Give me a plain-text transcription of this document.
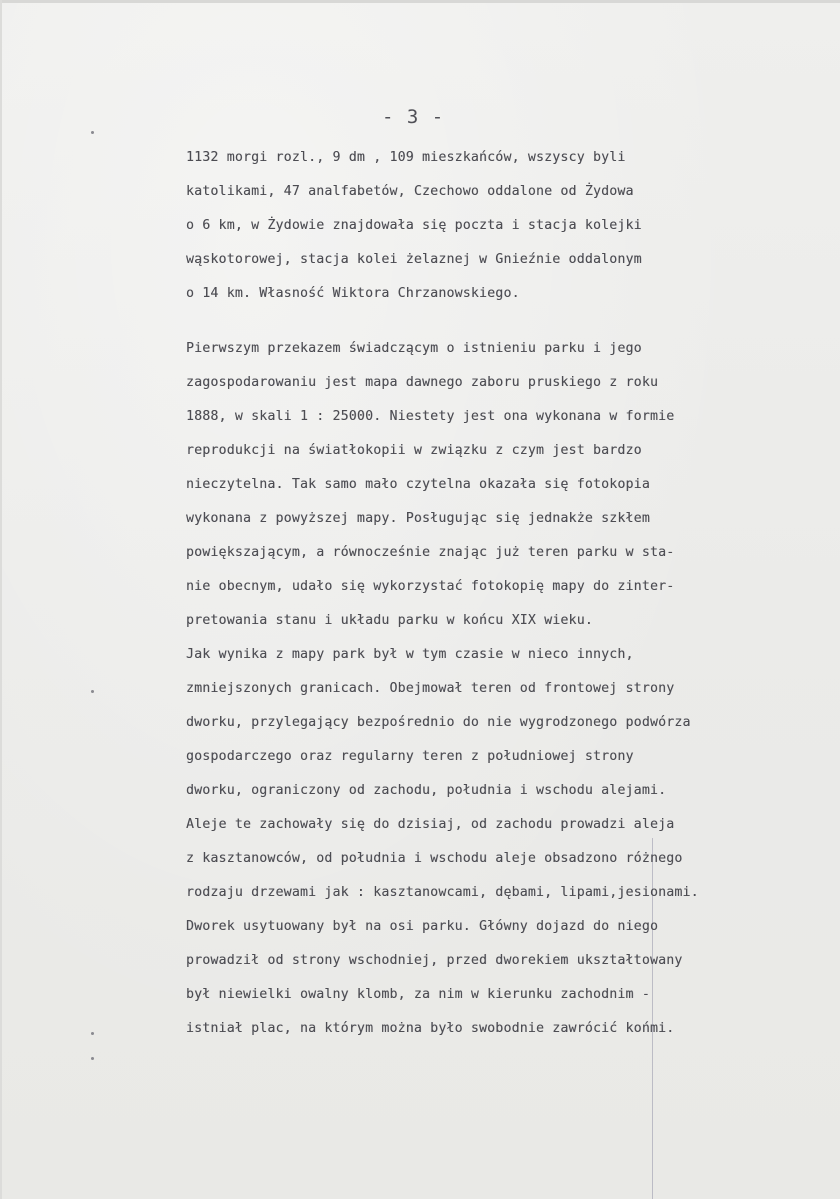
- 3 -
1132 morgi rozl., 9 dm , 109 mieszkańców, wszyscy byli
katolikami, 47 analfabetów, Czechowo oddalone od Żydowa
o 6 km, w Żydowie znajdowała się poczta i stacja kolejki
wąskotorowej, stacja kolei żelaznej w Gnieźnie oddalonym
o 14 km. Własność Wiktora Chrzanowskiego.
Pierwszym przekazem świadczącym o istnieniu parku i jego
zagospodarowaniu jest mapa dawnego zaboru pruskiego z roku
1888, w skali 1 : 25000. Niestety jest ona wykonana w formie
reprodukcji na światłokopii w związku z czym jest bardzo
nieczytelna. Tak samo mało czytelna okazała się fotokopia
wykonana z powyższej mapy. Posługując się jednakże szkłem
powiększającym, a równocześnie znając już teren parku w sta-
nie obecnym, udało się wykorzystać fotokopię mapy do zinter-
pretowania stanu i układu parku w końcu XIX wieku.
Jak wynika z mapy park był w tym czasie w nieco innych,
zmniejszonych granicach. Obejmował teren od frontowej strony
dworku, przylegający bezpośrednio do nie wygrodzonego podwórza
gospodarczego oraz regularny teren z południowej strony
dworku, ograniczony od zachodu, południa i wschodu alejami.
Aleje te zachowały się do dzisiaj, od zachodu prowadzi aleja
z kasztanowców, od południa i wschodu aleje obsadzono różnego
rodzaju drzewami jak : kasztanowcami, dębami, lipami,jesionami.
Dworek usytuowany był na osi parku. Główny dojazd do niego
prowadził od strony wschodniej, przed dworekiem ukształtowany
był niewielki owalny klomb, za nim w kierunku zachodnim -
istniał plac, na którym można było swobodnie zawrócić końmi.
